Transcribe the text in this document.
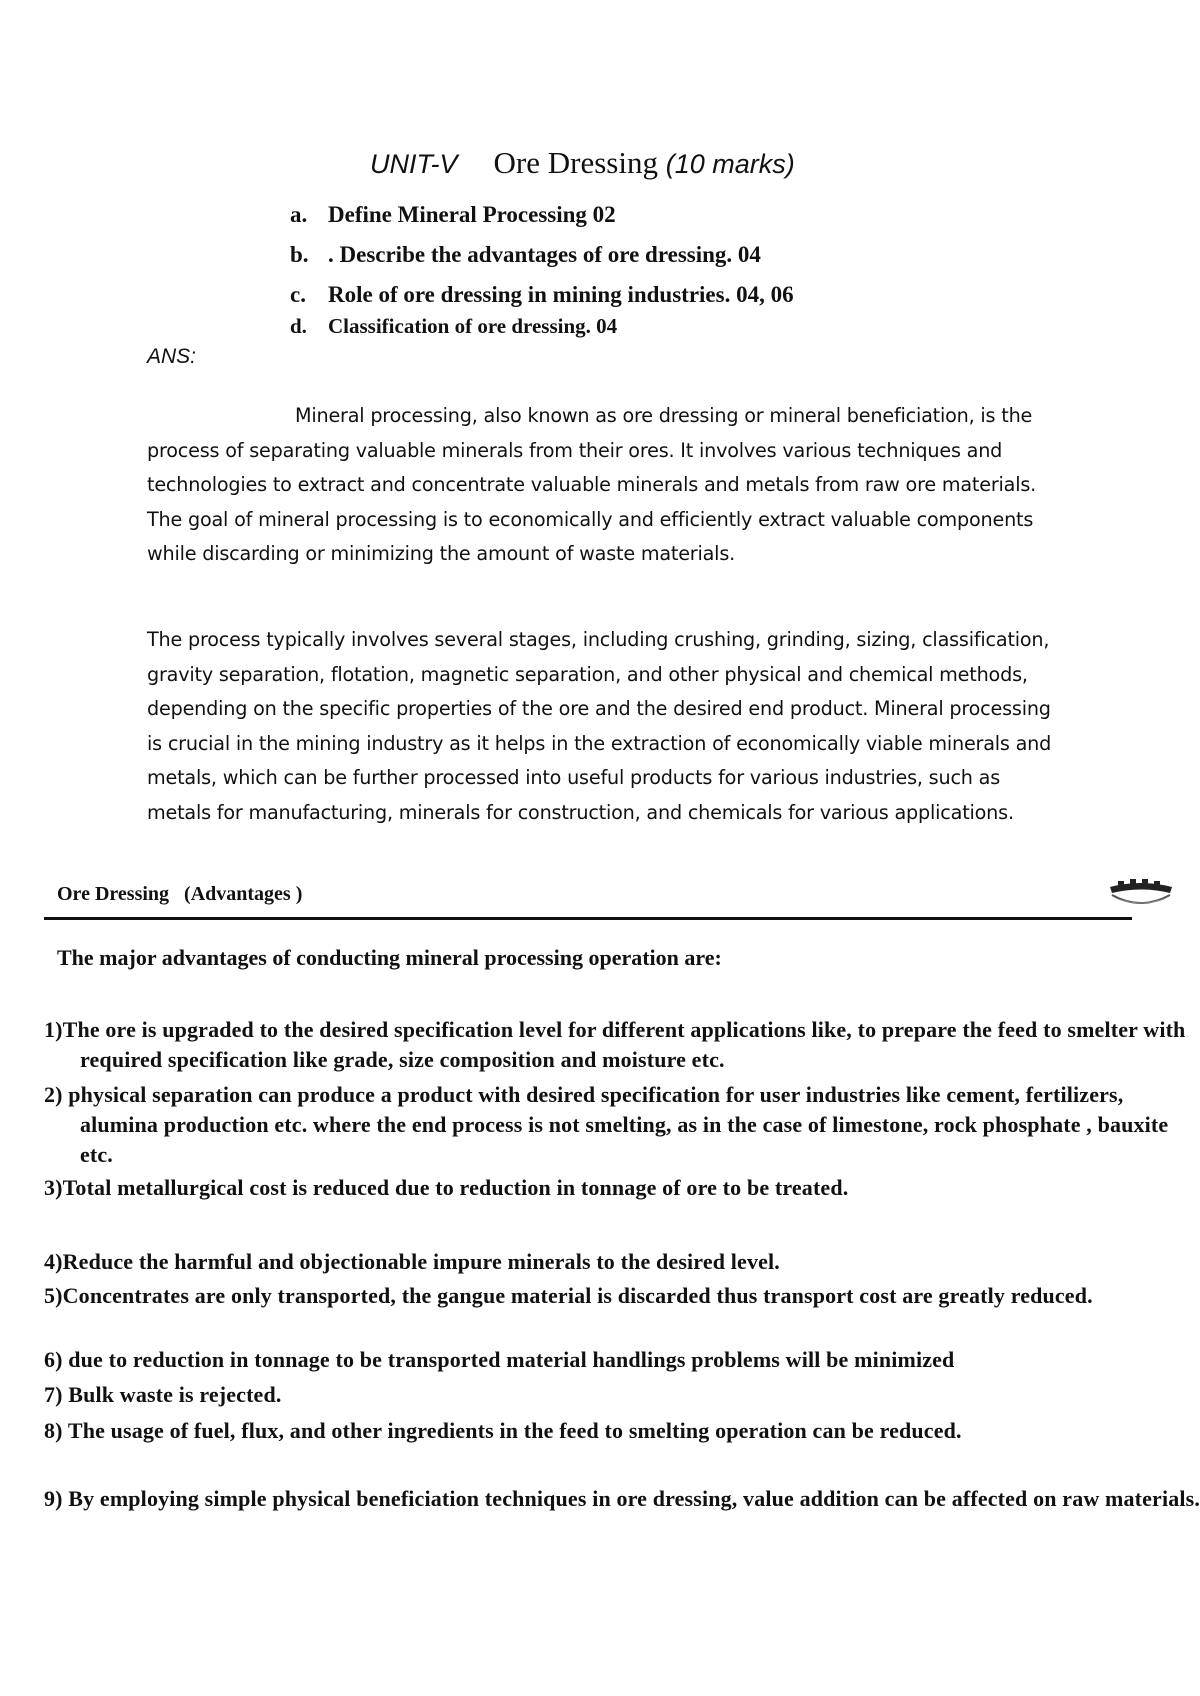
UNIT-V Ore Dressing (10 marks)
a. Define Mineral Processing 02
b. . Describe the advantages of ore dressing. 04
c. Role of ore dressing in mining industries. 04, 06
d. Classification of ore dressing. 04
ANS:

Mineral processing, also known as ore dressing or mineral beneficiation, is the process of separating valuable minerals from their ores. It involves various techniques and technologies to extract and concentrate valuable minerals and metals from raw ore materials. The goal of mineral processing is to economically and efficiently extract valuable components while discarding or minimizing the amount of waste materials.

The process typically involves several stages, including crushing, grinding, sizing, classification, gravity separation, flotation, magnetic separation, and other physical and chemical methods, depending on the specific properties of the ore and the desired end product. Mineral processing is crucial in the mining industry as it helps in the extraction of economically viable minerals and metals, which can be further processed into useful products for various industries, such as metals for manufacturing, minerals for construction, and chemicals for various applications.

Ore Dressing   (Advantages )
The major advantages of conducting mineral processing operation are:

1)The ore is upgraded to the desired specification level for different applications like, to prepare the feed to smelter with required specification like grade, size composition and moisture etc.

2) physical separation can produce a product with desired specification for user industries like cement, fertilizers, alumina production etc. where the end process is not smelting, as in the case of limestone, rock phosphate , bauxite etc.

3)Total metallurgical cost is reduced due to reduction in tonnage of ore to be treated.

4)Reduce the harmful and objectionable impure minerals to the desired level.

5)Concentrates are only transported, the gangue material is discarded thus transport cost are greatly reduced.

6) due to reduction in tonnage to be transported material handlings problems will be minimized

7) Bulk waste is rejected.

8) The usage of fuel, flux, and other ingredients in the feed to smelting operation can be reduced.

9) By employing simple physical beneficiation techniques in ore dressing, value addition can be affected on raw materials.
